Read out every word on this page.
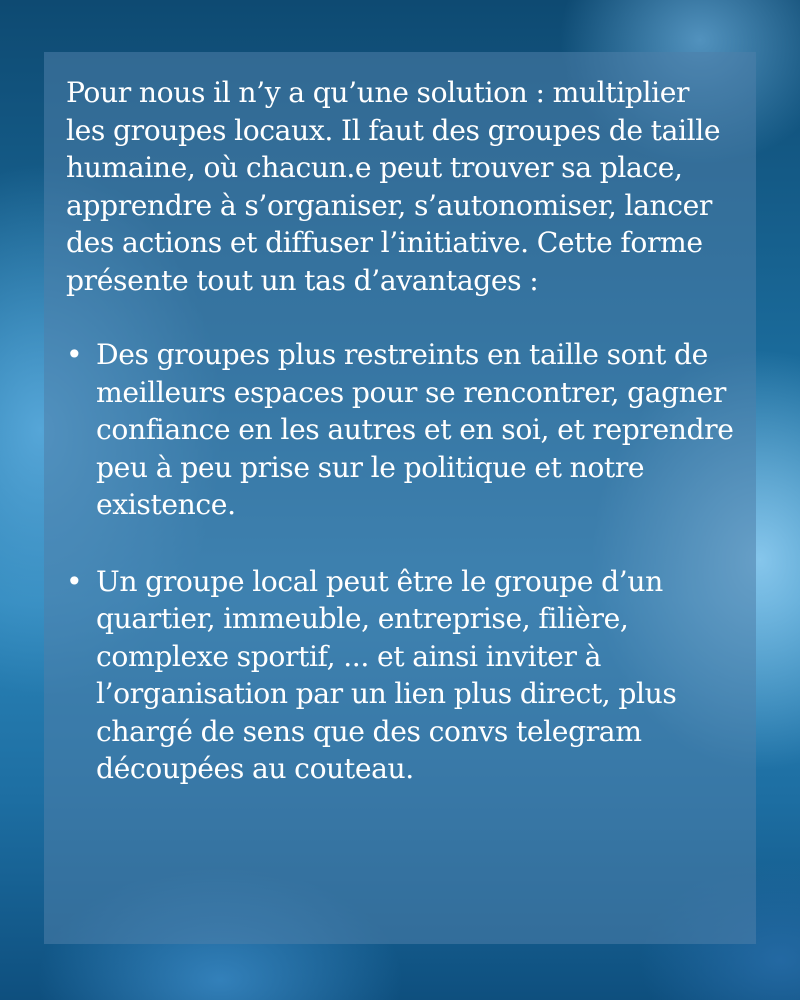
Pour nous il n’y a qu’une solution : multiplier les groupes locaux. Il faut des groupes de taille humaine, où chacun.e peut trouver sa place, apprendre à s’organiser, s’autonomiser, lancer des actions et diffuser l’initiative. Cette forme présente tout un tas d’avantages :

• Des groupes plus restreints en taille sont de meilleurs espaces pour se rencontrer, gagner confiance en les autres et en soi, et reprendre peu à peu prise sur le politique et notre existence.
• Un groupe local peut être le groupe d’un quartier, immeuble, entreprise, filière, complexe sportif, ... et ainsi inviter à l’organisation par un lien plus direct, plus chargé de sens que des convs telegram découpées au couteau.
